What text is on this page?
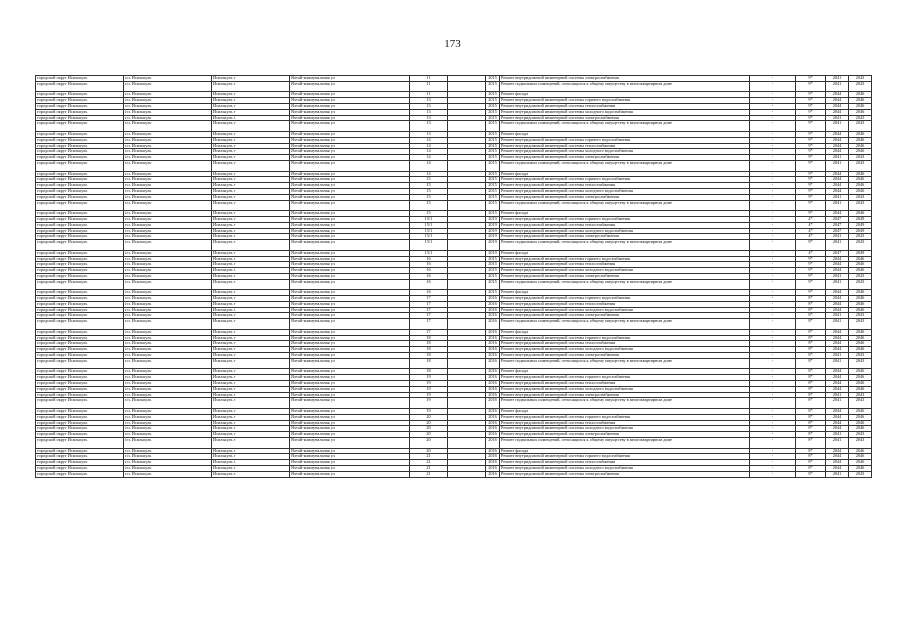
173
городской округ Исилькуль	г.п. Исилькуль	Исилькуль г	Ялтай-коммунальная ул	11		2015	Ремонт внутридомовой инженерной системы электроснабжения	-	9*	2041	2043
городской округ Исилькуль	г.п. Исилькуль	Исилькуль г	Ялтай-коммунальная ул	11		2015	Ремонт подвальных помещений, относящихся к общему имуществу в многоквартирном доме	-	9*	2041	2043
городской округ Исилькуль	г.п. Исилькуль	Исилькуль г	Ялтай-коммунальная ул	11		2015	Ремонт фасада	-	9*	2044	2046
городской округ Исилькуль	г.п. Исилькуль	Исилькуль г	Ялтай-коммунальная ул	13		2015	Ремонт внутридомовой инженерной системы горячего водоснабжения	-	9*	2044	2046
городской округ Исилькуль	г.п. Исилькуль	Исилькуль г	Ялтай-коммунальная ул	13		2015	Ремонт внутридомовой инженерной системы теплоснабжения	-	9*	2044	2046
городской округ Исилькуль	г.п. Исилькуль	Исилькуль г	Ялтай-коммунальная ул	13		2015	Ремонт внутридомовой инженерной системы холодного водоснабжения	-	9*	2044	2046
городской округ Исилькуль	г.п. Исилькуль	Исилькуль г	Ялтай-коммунальная ул	13		2015	Ремонт внутридомовой инженерной системы электроснабжения	-	9*	2041	2043
городской округ Исилькуль	г.п. Исилькуль	Исилькуль г	Ялтай-коммунальная ул	13		2015	Ремонт подвальных помещений, относящихся к общему имуществу в многоквартирном доме	-	9*	2041	2043
городской округ Исилькуль	г.п. Исилькуль	Исилькуль г	Ялтай-коммунальная ул	13		2015	Ремонт фасада	-	9*	2044	2046
городской округ Исилькуль	г.п. Исилькуль	Исилькуль г	Ялтай-коммунальная ул	14		2015	Ремонт внутридомовой инженерной системы горячего водоснабжения	-	9*	2044	2046
городской округ Исилькуль	г.п. Исилькуль	Исилькуль г	Ялтай-коммунальная ул	14		2015	Ремонт внутридомовой инженерной системы теплоснабжения	-	9*	2044	2046
городской округ Исилькуль	г.п. Исилькуль	Исилькуль г	Ялтай-коммунальная ул	14		2015	Ремонт внутридомовой инженерной системы холодного водоснабжения	-	9*	2044	2046
городской округ Исилькуль	г.п. Исилькуль	Исилькуль г	Ялтай-коммунальная ул	14		2015	Ремонт внутридомовой инженерной системы электроснабжения	-	9*	2041	2043
городской округ Исилькуль	г.п. Исилькуль	Исилькуль г	Ялтай-коммунальная ул	14		2015	Ремонт подвальных помещений, относящихся к общему имуществу в многоквартирном доме	-	9*	2041	2043
городской округ Исилькуль	г.п. Исилькуль	Исилькуль г	Ялтай-коммунальная ул	14		2015	Ремонт фасада	-	9*	2044	2046
городской округ Исилькуль	г.п. Исилькуль	Исилькуль г	Ялтай-коммунальная ул	15		2015	Ремонт внутридомовой инженерной системы горячего водоснабжения	-	9*	2044	2046
городской округ Исилькуль	г.п. Исилькуль	Исилькуль г	Ялтай-коммунальная ул	15		2015	Ремонт внутридомовой инженерной системы теплоснабжения	-	9*	2044	2046
городской округ Исилькуль	г.п. Исилькуль	Исилькуль г	Ялтай-коммунальная ул	15		2015	Ремонт внутридомовой инженерной системы холодного водоснабжения	-	9*	2044	2046
городской округ Исилькуль	г.п. Исилькуль	Исилькуль г	Ялтай-коммунальная ул	15		2015	Ремонт внутридомовой инженерной системы электроснабжения	-	9*	2041	2043
городской округ Исилькуль	г.п. Исилькуль	Исилькуль г	Ялтай-коммунальная ул	15		2015	Ремонт подвальных помещений, относящихся к общему имуществу в многоквартирном доме	-	9*	2041	2043
городской округ Исилькуль	г.п. Исилькуль	Исилькуль г	Ялтай-коммунальная ул	15		2015	Ремонт фасада	-	9*	2044	2046
городской округ Исилькуль	г.п. Исилькуль	Исилькуль г	Ялтай-коммунальная ул	15/1		2019	Ремонт внутридомовой инженерной системы горячего водоснабжения	-	4*	2047	2049
городской округ Исилькуль	г.п. Исилькуль	Исилькуль г	Ялтай-коммунальная ул	15/1		2019	Ремонт внутридомовой инженерной системы теплоснабжения	-	4*	2047	2049
городской округ Исилькуль	г.п. Исилькуль	Исилькуль г	Ялтай-коммунальная ул	15/1		2019	Ремонт внутридомовой инженерной системы холодного водоснабжения	-	4*	2047	2049
городской округ Исилькуль	г.п. Исилькуль	Исилькуль г	Ялтай-коммунальная ул	15/1		2019	Ремонт внутридомовой инженерной системы электроснабжения	-	4*	2041	2043
городской округ Исилькуль	г.п. Исилькуль	Исилькуль г	Ялтай-коммунальная ул	15/1		2019	Ремонт подвальных помещений, относящихся к общему имуществу в многоквартирном доме	-	8*	2041	2043
городской округ Исилькуль	г.п. Исилькуль	Исилькуль г	Ялтай-коммунальная ул	15/1		2019	Ремонт фасада	-	4*	2047	2049
городской округ Исилькуль	г.п. Исилькуль	Исилькуль г	Ялтай-коммунальная ул	16		2015	Ремонт внутридомовой инженерной системы горячего водоснабжения	-	9*	2044	2046
городской округ Исилькуль	г.п. Исилькуль	Исилькуль г	Ялтай-коммунальная ул	16		2015	Ремонт внутридомовой инженерной системы теплоснабжения	-	9*	2044	2046
городской округ Исилькуль	г.п. Исилькуль	Исилькуль г	Ялтай-коммунальная ул	16		2015	Ремонт внутридомовой инженерной системы холодного водоснабжения	-	9*	2044	2046
городской округ Исилькуль	г.п. Исилькуль	Исилькуль г	Ялтай-коммунальная ул	16		2015	Ремонт внутридомовой инженерной системы электроснабжения	-	9*	2041	2043
городской округ Исилькуль	г.п. Исилькуль	Исилькуль г	Ялтай-коммунальная ул	16		2015	Ремонт подвальных помещений, относящихся к общему имуществу в многоквартирном доме	-	9*	2041	2043
городской округ Исилькуль	г.п. Исилькуль	Исилькуль г	Ялтай-коммунальная ул	16		2015	Ремонт фасада	-	9*	2044	2046
городской округ Исилькуль	г.п. Исилькуль	Исилькуль г	Ялтай-коммунальная ул	17		2016	Ремонт внутридомовой инженерной системы горячего водоснабжения	-	8*	2044	2046
городской округ Исилькуль	г.п. Исилькуль	Исилькуль г	Ялтай-коммунальная ул	17		2016	Ремонт внутридомовой инженерной системы теплоснабжения	-	8*	2044	2046
городской округ Исилькуль	г.п. Исилькуль	Исилькуль г	Ялтай-коммунальная ул	17		2016	Ремонт внутридомовой инженерной системы холодного водоснабжения	-	8*	2044	2046
городской округ Исилькуль	г.п. Исилькуль	Исилькуль г	Ялтай-коммунальная ул	17		2016	Ремонт внутридомовой инженерной системы электроснабжения	-	8*	2041	2043
городской округ Исилькуль	г.п. Исилькуль	Исилькуль г	Ялтай-коммунальная ул	17		2016	Ремонт подвальных помещений, относящихся к общему имуществу в многоквартирном доме	-	8*	2041	2043
городской округ Исилькуль	г.п. Исилькуль	Исилькуль г	Ялтай-коммунальная ул	17		2016	Ремонт фасада	-	8*	2044	2046
городской округ Исилькуль	г.п. Исилькуль	Исилькуль г	Ялтай-коммунальная ул	18		2016	Ремонт внутридомовой инженерной системы горячего водоснабжения	-	8*	2044	2046
городской округ Исилькуль	г.п. Исилькуль	Исилькуль г	Ялтай-коммунальная ул	18		2016	Ремонт внутридомовой инженерной системы теплоснабжения	-	8*	2044	2046
городской округ Исилькуль	г.п. Исилькуль	Исилькуль г	Ялтай-коммунальная ул	18		2016	Ремонт внутридомовой инженерной системы холодного водоснабжения	-	8*	2044	2046
городской округ Исилькуль	г.п. Исилькуль	Исилькуль г	Ялтай-коммунальная ул	18		2016	Ремонт внутридомовой инженерной системы электроснабжения	-	8*	2041	2043
городской округ Исилькуль	г.п. Исилькуль	Исилькуль г	Ялтай-коммунальная ул	18		2016	Ремонт подвальных помещений, относящихся к общему имуществу в многоквартирном доме	-	8*	2041	2043
городской округ Исилькуль	г.п. Исилькуль	Исилькуль г	Ялтай-коммунальная ул	18		2016	Ремонт фасада	-	8*	2044	2046
городской округ Исилькуль	г.п. Исилькуль	Исилькуль г	Ялтай-коммунальная ул	19		2016	Ремонт внутридомовой инженерной системы горячего водоснабжения	-	8*	2044	2046
городской округ Исилькуль	г.п. Исилькуль	Исилькуль г	Ялтай-коммунальная ул	19		2016	Ремонт внутридомовой инженерной системы теплоснабжения	-	8*	2044	2046
городской округ Исилькуль	г.п. Исилькуль	Исилькуль г	Ялтай-коммунальная ул	19		2016	Ремонт внутридомовой инженерной системы холодного водоснабжения	-	8*	2044	2046
городской округ Исилькуль	г.п. Исилькуль	Исилькуль г	Ялтай-коммунальная ул	19		2016	Ремонт внутридомовой инженерной системы электроснабжения	-	8*	2041	2043
городской округ Исилькуль	г.п. Исилькуль	Исилькуль г	Ялтай-коммунальная ул	19		2016	Ремонт подвальных помещений, относящихся к общему имуществу в многоквартирном доме	-	8*	2041	2043
городской округ Исилькуль	г.п. Исилькуль	Исилькуль г	Ялтай-коммунальная ул	19		2016	Ремонт фасада	-	8*	2044	2046
городской округ Исилькуль	г.п. Исилькуль	Исилькуль г	Ялтай-коммунальная ул	20		2016	Ремонт внутридомовой инженерной системы горячего водоснабжения	-	8*	2044	2046
городской округ Исилькуль	г.п. Исилькуль	Исилькуль г	Ялтай-коммунальная ул	20		2016	Ремонт внутридомовой инженерной системы теплоснабжения	-	8*	2044	2046
городской округ Исилькуль	г.п. Исилькуль	Исилькуль г	Ялтай-коммунальная ул	20		2016	Ремонт внутридомовой инженерной системы холодного водоснабжения	-	8*	2044	2046
городской округ Исилькуль	г.п. Исилькуль	Исилькуль г	Ялтай-коммунальная ул	20		2016	Ремонт внутридомовой инженерной системы электроснабжения	-	8*	2041	2043
городской округ Исилькуль	г.п. Исилькуль	Исилькуль г	Ялтай-коммунальная ул	20		2016	Ремонт подвальных помещений, относящихся к общему имуществу в многоквартирном доме	-	8*	2041	2043
городской округ Исилькуль	г.п. Исилькуль	Исилькуль г	Ялтай-коммунальная ул	20		2016	Ремонт фасада	-	8*	2044	2046
городской округ Исилькуль	г.п. Исилькуль	Исилькуль г	Ялтай-коммунальная ул	21		2016	Ремонт внутридомовой инженерной системы горячего водоснабжения	-	8*	2044	2046
городской округ Исилькуль	г.п. Исилькуль	Исилькуль г	Ялтай-коммунальная ул	21		2016	Ремонт внутридомовой инженерной системы теплоснабжения	-	8*	2044	2046
городской округ Исилькуль	г.п. Исилькуль	Исилькуль г	Ялтай-коммунальная ул	21		2016	Ремонт внутридомовой инженерной системы холодного водоснабжения	-	8*	2044	2046
городской округ Исилькуль	г.п. Исилькуль	Исилькуль г	Ялтай-коммунальная ул	21		2016	Ремонт внутридомовой инженерной системы электроснабжения	-	8*	2041	2043
